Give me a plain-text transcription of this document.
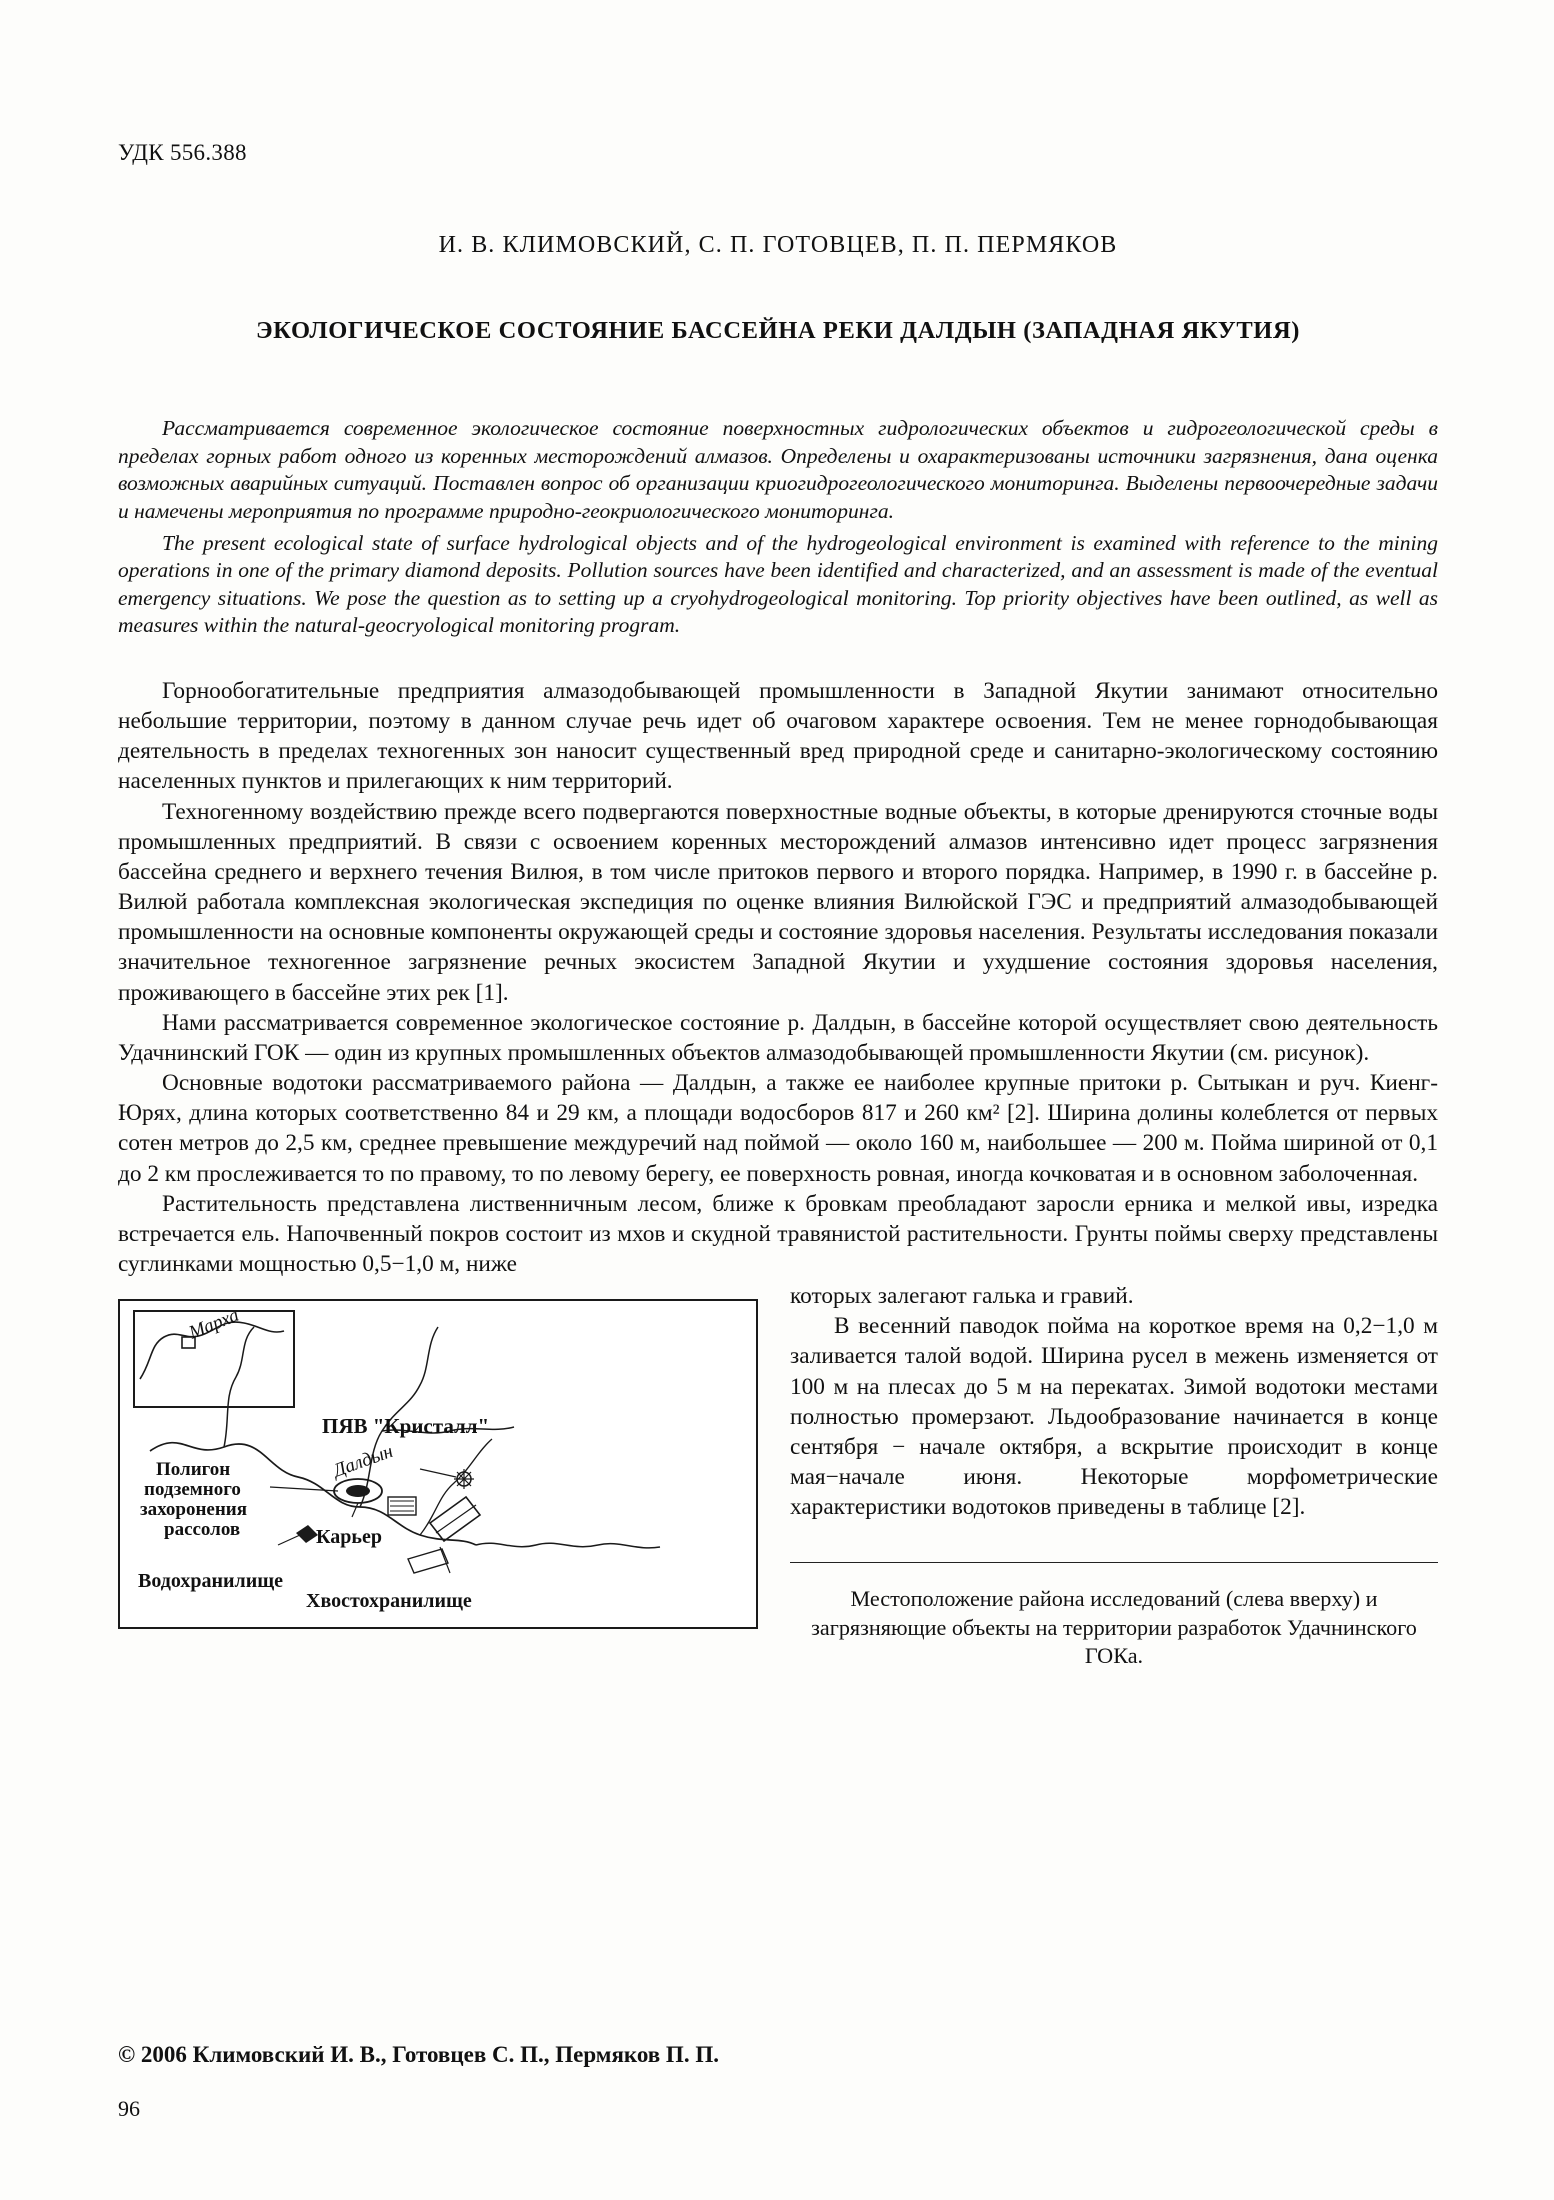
УДК 556.388
И. В. КЛИМОВСКИЙ, С. П. ГОТОВЦЕВ, П. П. ПЕРМЯКОВ
ЭКОЛОГИЧЕСКОЕ СОСТОЯНИЕ БАССЕЙНА РЕКИ ДАЛДЫН (ЗАПАДНАЯ ЯКУТИЯ)

Рассматривается современное экологическое состояние поверхностных гидрологических объектов и гидрогеологической среды в пределах горных работ одного из коренных месторождений алмазов. Определены и охарактеризованы источники загрязнения, дана оценка возможных аварийных ситуаций. Поставлен вопрос об организации криогидрогеологического мониторинга. Выделены первоочередные задачи и намечены мероприятия по программе природно-геокриологического мониторинга.

The present ecological state of surface hydrological objects and of the hydrogeological environment is examined with reference to the mining operations in one of the primary diamond deposits. Pollution sources have been identified and characterized, and an assessment is made of the eventual emergency situations. We pose the question as to setting up a cryohydrogeological monitoring. Top priority objectives have been outlined, as well as measures within the natural-geocryological monitoring program.

Горнообогатительные предприятия алмазодобывающей промышленности в Западной Якутии занимают относительно небольшие территории, поэтому в данном случае речь идет об очаговом характере освоения. Тем не менее горнодобывающая деятельность в пределах техногенных зон наносит существенный вред природной среде и санитарно-экологическому состоянию населенных пунктов и прилегающих к ним территорий.

Техногенному воздействию прежде всего подвергаются поверхностные водные объекты, в которые дренируются сточные воды промышленных предприятий. В связи с освоением коренных месторождений алмазов интенсивно идет процесс загрязнения бассейна среднего и верхнего течения Вилюя, в том числе притоков первого и второго порядка. Например, в 1990 г. в бассейне р. Вилюй работала комплексная экологическая экспедиция по оценке влияния Вилюйской ГЭС и предприятий алмазодобывающей промышленности на основные компоненты окружающей среды и состояние здоровья населения. Результаты исследования показали значительное техногенное загрязнение речных экосистем Западной Якутии и ухудшение состояния здоровья населения, проживающего в бассейне этих рек [1].

Нами рассматривается современное экологическое состояние р. Далдын, в бассейне которой осуществляет свою деятельность Удачнинский ГОК — один из крупных промышленных объектов алмазодобывающей промышленности Якутии (см. рисунок).

Основные водотоки рассматриваемого района — Далдын, а также ее наиболее крупные притоки р. Сытыкан и руч. Киенг-Юрях, длина которых соответственно 84 и 29 км, а площади водосборов 817 и 260 км² [2]. Ширина долины колеблется от первых сотен метров до 2,5 км, среднее превышение междуречий над поймой — около 160 м, наибольшее — 200 м. Пойма шириной от 0,1 до 2 км прослеживается то по правому, то по левому берегу, ее поверхность ровная, иногда кочковатая и в основном заболоченная.

Растительность представлена лиственничным лесом, ближе к бровкам преобладают заросли ерника и мелкой ивы, изредка встречается ель. Напочвенный покров состоит из мхов и скудной травянистой растительности. Грунты поймы сверху представлены суглинками мощностью 0,5−1,0 м, ниже

Марха
ПЯВ "Кристалл"
Полигон
подземного
захоронения
рассолов
Далдын
Карьер
Водохранилище
Хвостохранилище

которых залегают галька и гравий.

В весенний паводок пойма на короткое время на 0,2−1,0 м заливается талой водой. Ширина русел в межень изменяется от 100 м на плесах до 5 м на перекатах. Зимой водотоки местами полностью промерзают. Льдообразование начинается в конце сентября − начале октября, а вскрытие происходит в конце мая−начале июня. Некоторые морфометрические характеристики водотоков приведены в таблице [2].

Местоположение района исследований (слева вверху) и загрязняющие объекты на территории разработок Удачнинского ГОКа.

© 2006 Климовский И. В., Готовцев С. П., Пермяков П. П.
96
